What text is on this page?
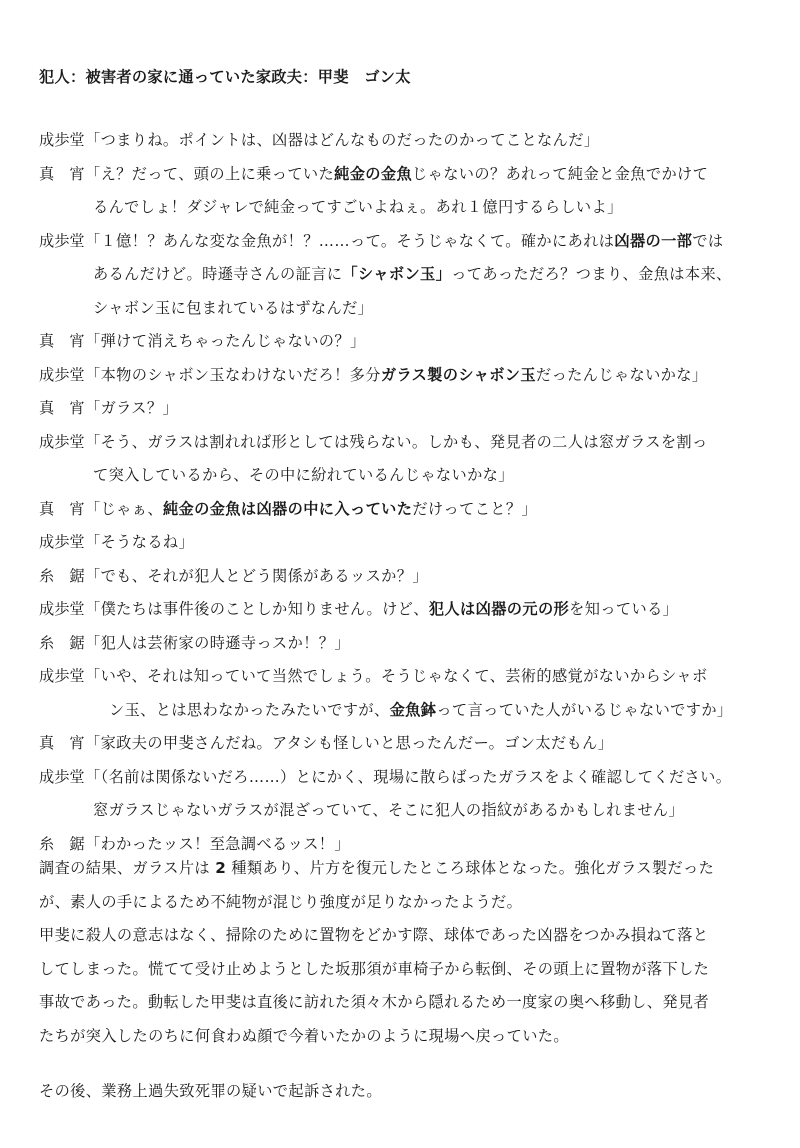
犯人：被害者の家に通っていた家政夫：甲斐　ゴン太
成歩堂 「つまりね。ポイントは、凶器はどんなものだったのかってことなんだ」
真　宵 「え？だって、頭の上に乗っていた純金の金魚じゃないの？あれって純金と金魚でかけて
るんでしょ！ダジャレで純金ってすごいよねぇ。あれ１億円するらしいよ」
成歩堂 「１億！？あんな変な金魚が！？……って。そうじゃなくて。確かにあれは凶器の一部では
あるんだけど。時遜寺さんの証言に「シャボン玉」ってあっただろ？つまり、金魚は本来、
シャボン玉に包まれているはずなんだ」
真　宵 「弾けて消えちゃったんじゃないの？」
成歩堂 「本物のシャボン玉なわけないだろ！多分ガラス製のシャボン玉だったんじゃないかな」
真　宵 「ガラス？」
成歩堂 「そう、ガラスは割れれば形としては残らない。しかも、発見者の二人は窓ガラスを割っ
て突入しているから、その中に紛れているんじゃないかな」
真　宵 「じゃぁ、純金の金魚は凶器の中に入っていただけってこと？」
成歩堂 「そうなるね」
糸　鋸 「でも、それが犯人とどう関係があるッスか？」
成歩堂 「僕たちは事件後のことしか知りません。けど、犯人は凶器の元の形を知っている」
糸　鋸 「犯人は芸術家の時遜寺っスか！？」
成歩堂 「いや、それは知っていて当然でしょう。そうじゃなくて、芸術的感覚がないからシャボ
ン玉、とは思わなかったみたいですが、金魚鉢って言っていた人がいるじゃないですか」
真　宵 「家政夫の甲斐さんだね。アタシも怪しいと思ったんだー。ゴン太だもん」
成歩堂 「（名前は関係ないだろ……）とにかく、現場に散らばったガラスをよく確認してください。
窓ガラスじゃないガラスが混ざっていて、そこに犯人の指紋があるかもしれません」
糸　鋸 「わかったッス！至急調べるッス！」
調査の結果、ガラス片は 2 種類あり、片方を復元したところ球体となった。強化ガラス製だった
が、素人の手によるため不純物が混じり強度が足りなかったようだ。
甲斐に殺人の意志はなく、掃除のために置物をどかす際、球体であった凶器をつかみ損ねて落と
してしまった。慌てて受け止めようとした坂那須が車椅子から転倒、その頭上に置物が落下した
事故であった。動転した甲斐は直後に訪れた須々木から隠れるため一度家の奥へ移動し、発見者
たちが突入したのちに何食わぬ顔で今着いたかのように現場へ戻っていた。
その後、業務上過失致死罪の疑いで起訴された。
